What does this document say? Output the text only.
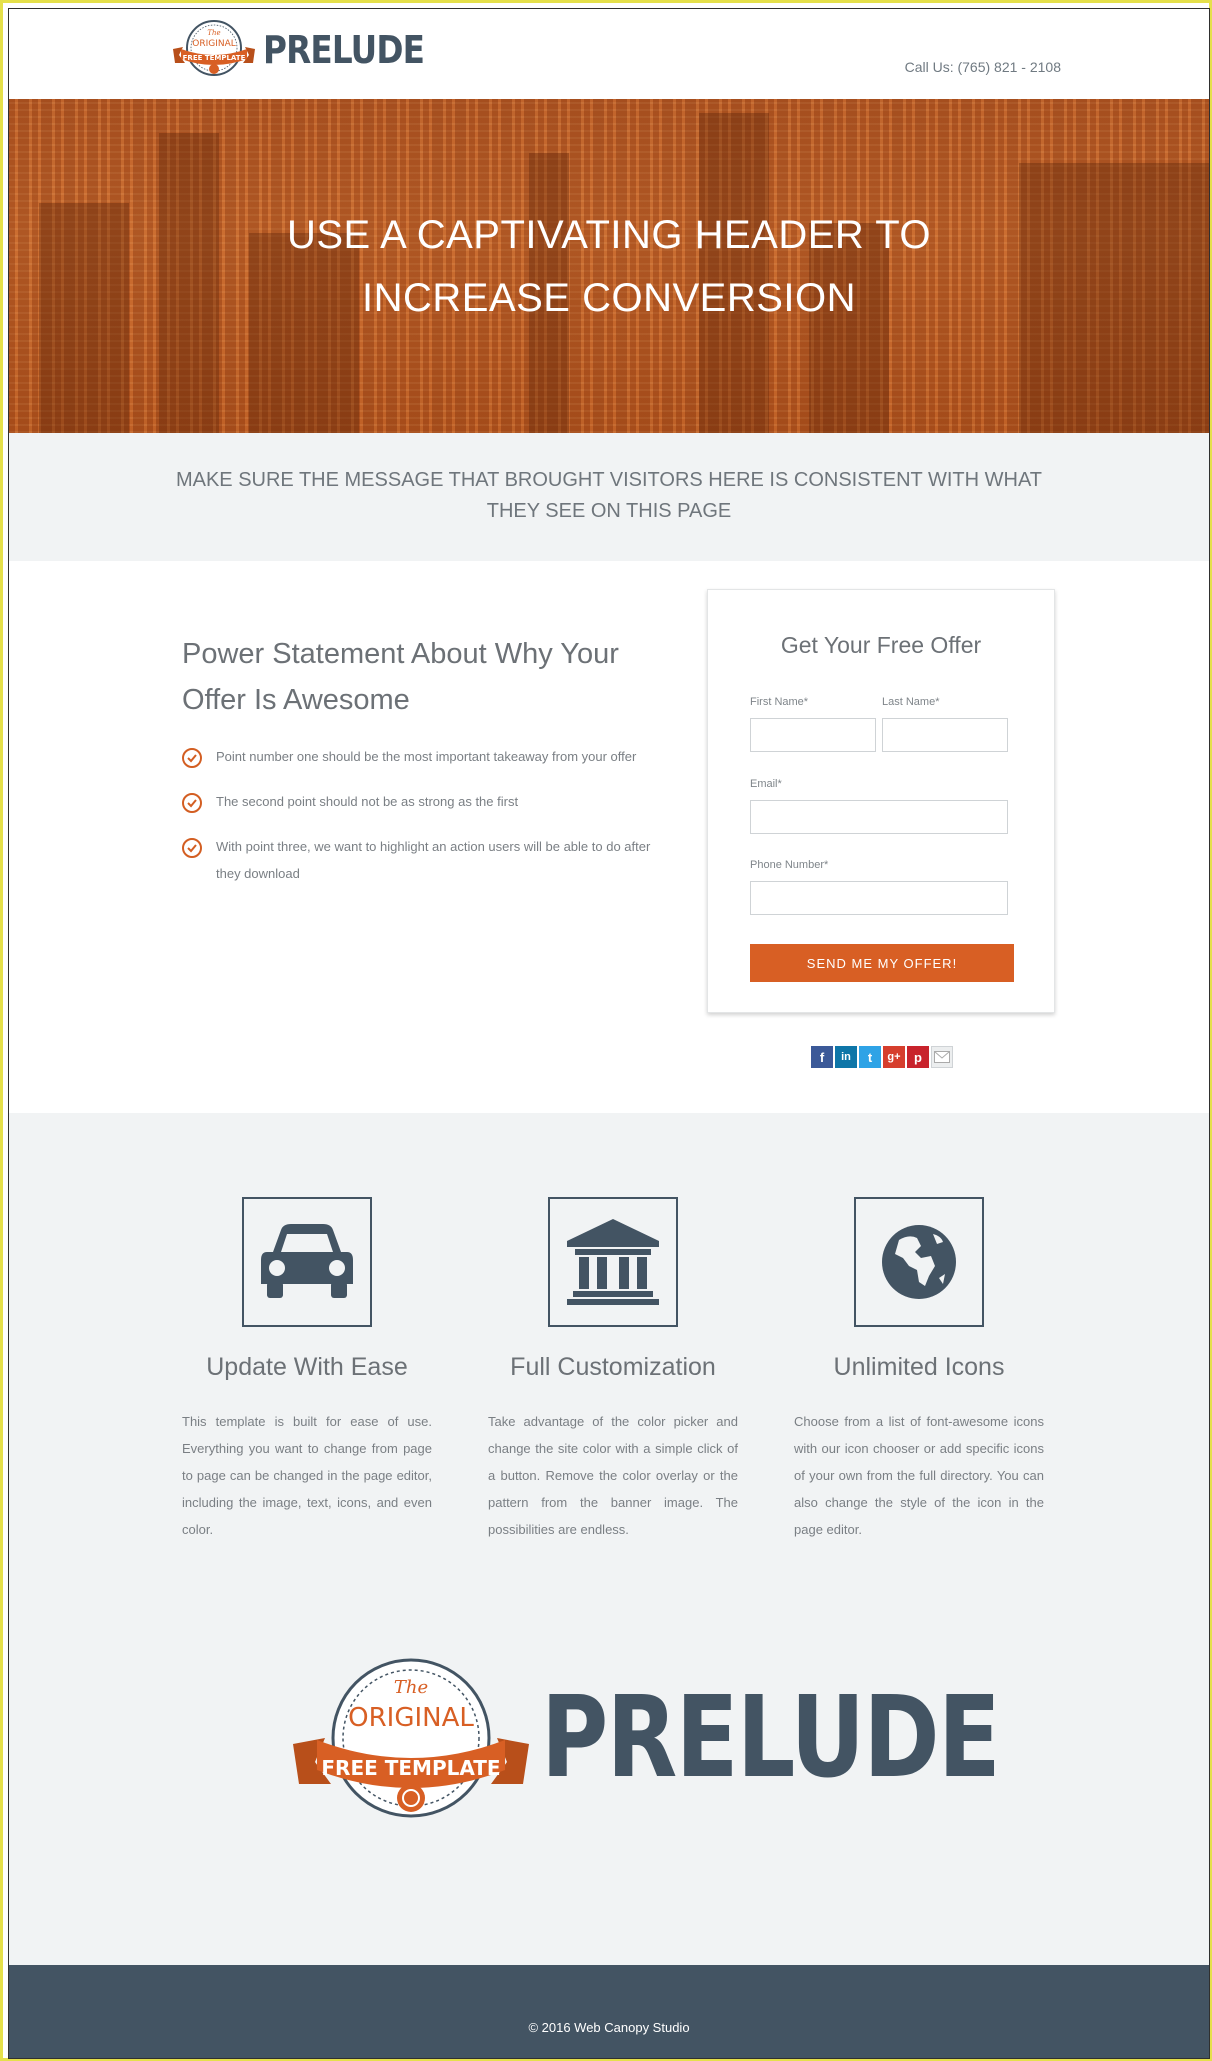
The
ORIGINAL
FREE TEMPLATE PRELUDE	Call Us: (765) 821 - 2108
USE A CAPTIVATING HEADER TO
INCREASE CONVERSION

MAKE SURE THE MESSAGE THAT BROUGHT VISITORS HERE IS CONSISTENT WITH WHAT THEY SEE ON THIS PAGE

Power Statement About Why Your Offer Is Awesome
Point number one should be the most important takeaway from your offer
The second point should not be as strong as the first
With point three, we want to highlight an action users will be able to do after they download
Get Your Free Offer
First Name*	Last Name*
Email*
Phone Number*
SEND ME MY OFFER!
f	in	t	g+	p
Update With Ease

This template is built for ease of use. Everything you want to change from page to page can be changed in the page editor, including the image, text, icons, and even color.

Full Customization

Take advantage of the color picker and change the site color with a simple click of a button. Remove the color overlay or the pattern from the banner image. The possibilities are endless.

Unlimited Icons

Choose from a list of font-awesome icons with our icon chooser or add specific icons of your own from the full directory. You can also change the style of the icon in the page editor.

The
ORIGINAL
FREE TEMPLATE PRELUDE

© 2016 Web Canopy Studio
